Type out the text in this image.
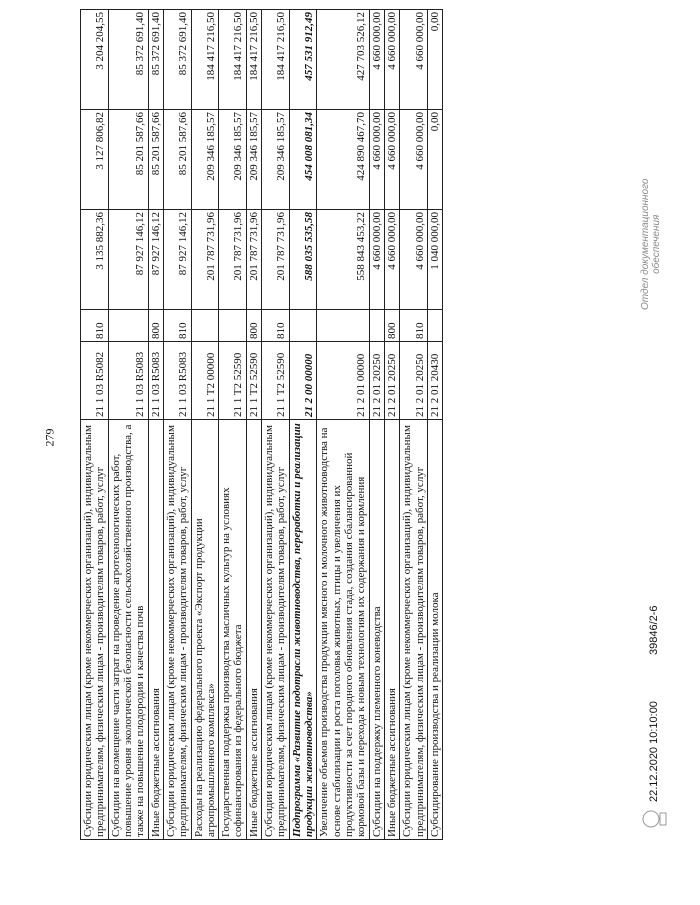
279 Субсидии юридическим лицам (кроме некоммерческих организаций), индивидуальным предпринимателям, физическим лицам - производителям товаров, работ, услуг	21 1 03 R5082	810	3 135 882,36	3 127 806,82	3 204 204,55
Субсидии на возмещение части затрат на проведение агротехнологических работ, повышение уровня экологической безопасности сельскохозяйственного производства, а также на повышение плодородия и качества почв	21 1 03 R5083		87 927 146,12	85 201 587,66	85 372 691,40
Иные бюджетные ассигнования	21 1 03 R5083	800	87 927 146,12	85 201 587,66	85 372 691,40
Субсидии юридическим лицам (кроме некоммерческих организаций), индивидуальным предпринимателям, физическим лицам - производителям товаров, работ, услуг	21 1 03 R5083	810	87 927 146,12	85 201 587,66	85 372 691,40
Расходы на реализацию федерального проекта «Экспорт продукции агропромышленного комплекса»	21 1 T2 00000		201 787 731,96	209 346 185,57	184 417 216,50
Государственная поддержка производства масличных культур на условиях софинансирования из федерального бюджета	21 1 T2 52590		201 787 731,96	209 346 185,57	184 417 216,50
Иные бюджетные ассигнования	21 1 T2 52590	800	201 787 731,96	209 346 185,57	184 417 216,50
Субсидии юридическим лицам (кроме некоммерческих организаций), индивидуальным предпринимателям, физическим лицам - производителям товаров, работ, услуг	21 1 T2 52590	810	201 787 731,96	209 346 185,57	184 417 216,50
Подпрограмма «Развитие подотрасли животноводства, переработки и реализации продукции животноводства»	21 2 00 00000		588 035 535,58	454 008 081,34	457 531 912,49
Увеличение объемов производства продукции мясного и молочного животноводства на основе стабилизации и роста поголовья животных, птицы и увеличения их продуктивности за счет породного обновления стада, создания сбалансированной кормовой базы и перехода к новым технологиям их содержания и кормления	21 2 01 00000		558 843 453,22	424 890 467,70	427 703 526,12
Субсидии на поддержку племенного коневодства	21 2 01 20250		4 660 000,00	4 660 000,00	4 660 000,00
Иные бюджетные ассигнования	21 2 01 20250	800	4 660 000,00	4 660 000,00	4 660 000,00
Субсидии юридическим лицам (кроме некоммерческих организаций), индивидуальным предпринимателям, физическим лицам - производителям товаров, работ, услуг	21 2 01 20250	810	4 660 000,00	4 660 000,00	4 660 000,00
Субсидирование производства и реализации молока	21 2 01 20430		1 040 000,00	0,00	0,00
22.12.2020 10:10:00
39846/2-6
Отдел документационного обеспечения
